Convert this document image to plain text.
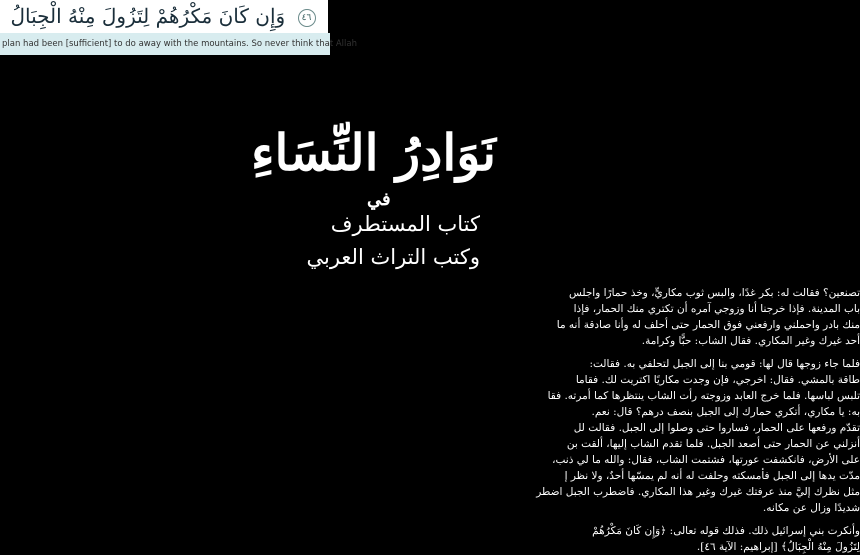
٤٦ وَإِن كَانَ مَكْرُهُمْ لِتَزُولَ مِنْهُ الْجِبَالُ
plan had been [sufficient] to do away with the mountains. So never think that Allah
نَوَادِرُ النِّسَاءِ
في
كتاب المستطرف
وكتب التراث العربي

تصنعين؟ فقالت له: بكر غدًا، والبس ثوب مكاريٍّ، وخذ حمارًا واجلس

باب المدينة. فإذا خرجنا أنا وزوجي آمره أن تكتري منك الحمار، فإذا

منك بادر واحملني وارفعني فوق الحمار حتى أحلف له وأنا صادقة أنه ما

أحد غيرك وغير المكاري. فقال الشاب: حبًّا وكرامة.

فلما جاء زوجها قال لها: قومي بنا إلى الجبل لتحلفي به. فقالت:

طاقة بالمشي. فقال: اخرجي، فإن وجدت مكاريًا اكتريت لك. فقاما

تلبس لباسها. فلما خرج العابد وزوجته رأت الشاب ينتظرها كما أمرته. فقا

به: يا مكاري، أتكري حمارك إلى الجبل بنصف درهم؟ قال: نعم.

تقدّم ورفعها على الحمار، فساروا حتى وصلوا إلى الجبل. فقالت لل

أنزلني عن الحمار حتى أصعد الجبل. فلما تقدم الشاب إليها، ألقت بن

على الأرض، فانكشفت عورتها، فشتمت الشاب، فقال: والله ما لي ذنب،

مدّت يدها إلى الجبل فأمسكته وحلفت له أنه لم يمسّها أحدٌ، ولا نظر إ

مثل نظرك إليَّ منذ عرفتك غيرك وغير هذا المكاري. فاضطرب الجبل اضطر

شديدًا وزال عن مكانه.

وأنكرت بني إسرائيل ذلك. فذلك قوله تعالى: ﴿وَإِن كَانَ مَكْرُهُمْ

لِتَزُولَ مِنْهُ الْجِبَالُ﴾ [إبراهيم: الآية ٤٦].
